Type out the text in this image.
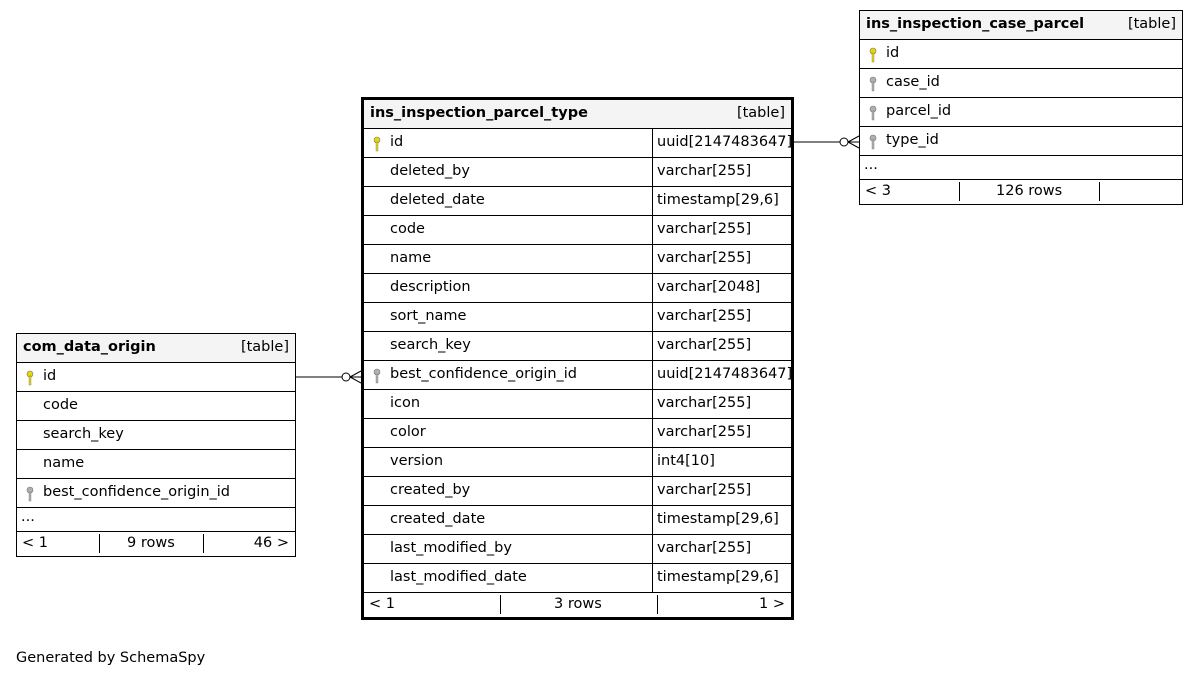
ins_inspection_parcel_type	[table]
id	uuid[2147483647]
deleted_by	varchar[255]
deleted_date	timestamp[29,6]
code	varchar[255]
name	varchar[255]
description	varchar[2048]
sort_name	varchar[255]
search_key	varchar[255]
best_confidence_origin_id	uuid[2147483647]
icon	varchar[255]
color	varchar[255]
version	int4[10]
created_by	varchar[255]
created_date	timestamp[29,6]
last_modified_by	varchar[255]
last_modified_date	timestamp[29,6]
< 1	3 rows	1 >
com_data_origin	[table]
id
code
search_key
name
best_confidence_origin_id
...
< 1	9 rows	46 >
ins_inspection_case_parcel	[table]
id
case_id
parcel_id
type_id
...
< 3	126 rows
Generated by SchemaSpy
